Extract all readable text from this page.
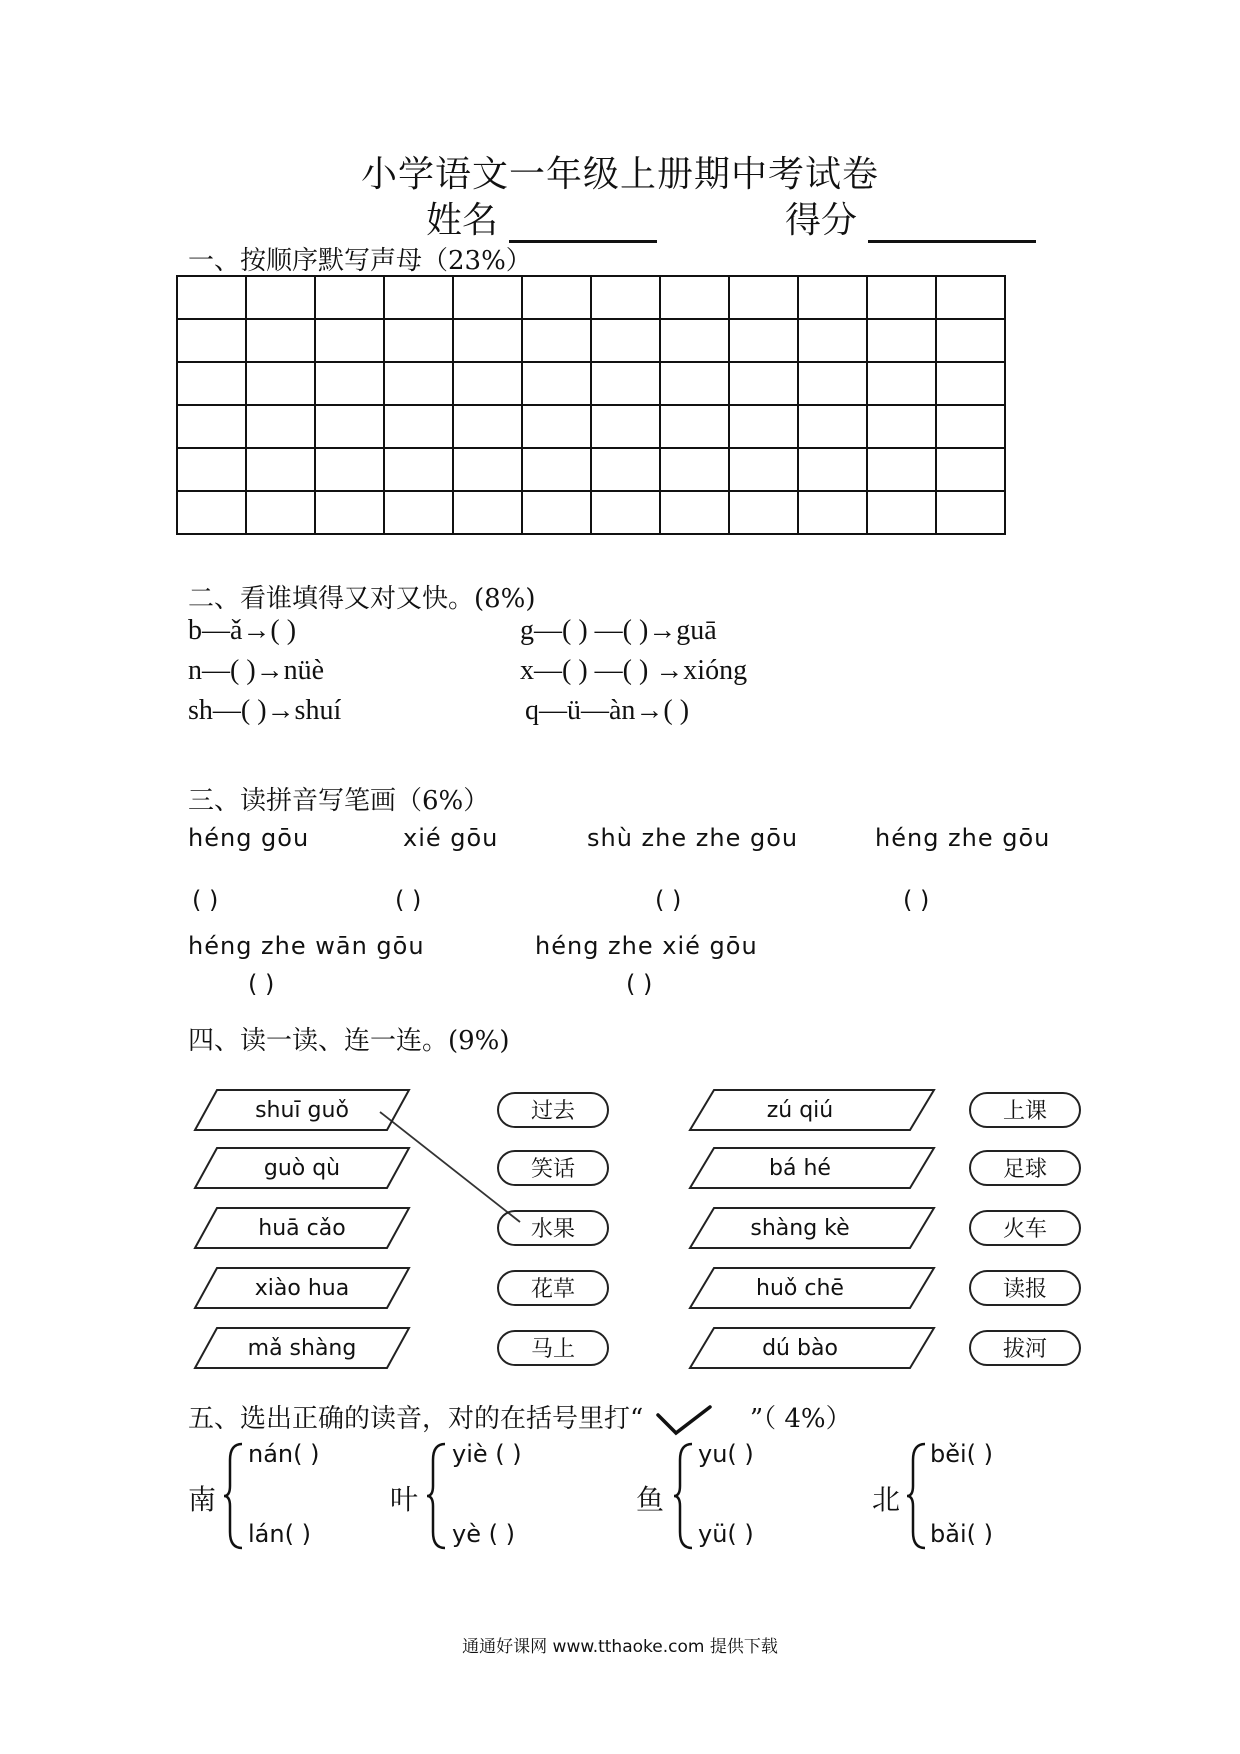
小学语文一年级上册期中考试卷
姓名	得分
一、按顺序默写声母（23%）

二、看谁填得又对又快。(8%)
b—ǎ→( )	g—( ) —( )→guā
n—( )→nüè	x—( ) —( ) →xióng
sh—( )→shuí	q—ü—àn→( )
三、读拼音写笔画（6%）
héng gōu	xié gōu	shù zhe zhe gōu	héng zhe gōu
( )	( )	( )	( )
héng zhe wān gōu	héng zhe xié gōu
( )	( )
四、读一读、连一连。(9%)
shuī guǒ	过去	zú qiú	上课
guò qù	笑话	bá hé	足球
huā cǎo	水果	shàng kè	火车
xiào hua	花草	huǒ chē	读报
mǎ shàng	马上	dú bào	拔河
五、选出正确的读音，对的在括号里打“	”（ 4%）
南
nán( )
lán( )
叶
yiè ( )
yè ( )
鱼
yu( )
yü( )
北
běi( )
bǎi( )
通通好课网 www.tthaoke.com 提供下载
